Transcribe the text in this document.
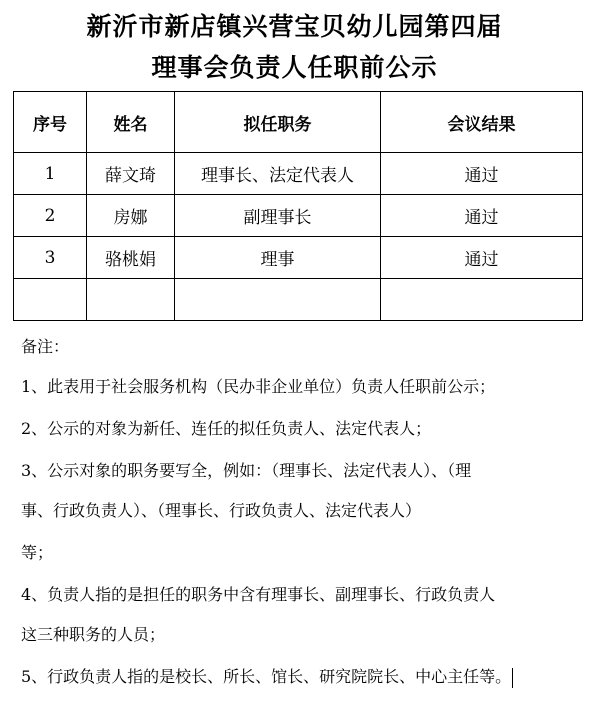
新沂市新店镇兴营宝贝幼儿园第四届
理事会负责人任职前公示
序号	姓名	拟任职务	会议结果
1	薛文琦	理事长、法定代表人	通过
2	房娜	副理事长	通过
3	骆桃娟	理事	通过

备注：
1、此表用于社会服务机构（民办非企业单位）负责人任职前公示；
2、公示的对象为新任、连任的拟任负责人、法定代表人；
3、公示对象的职务要写全，例如：（理事长、法定代表人）、（理
事、行政负责人）、（理事长、行政负责人、法定代表人）
等；
4、负责人指的是担任的职务中含有理事长、副理事长、行政负责人
这三种职务的人员；
5、行政负责人指的是校长、所长、馆长、研究院院长、中心主任等。
